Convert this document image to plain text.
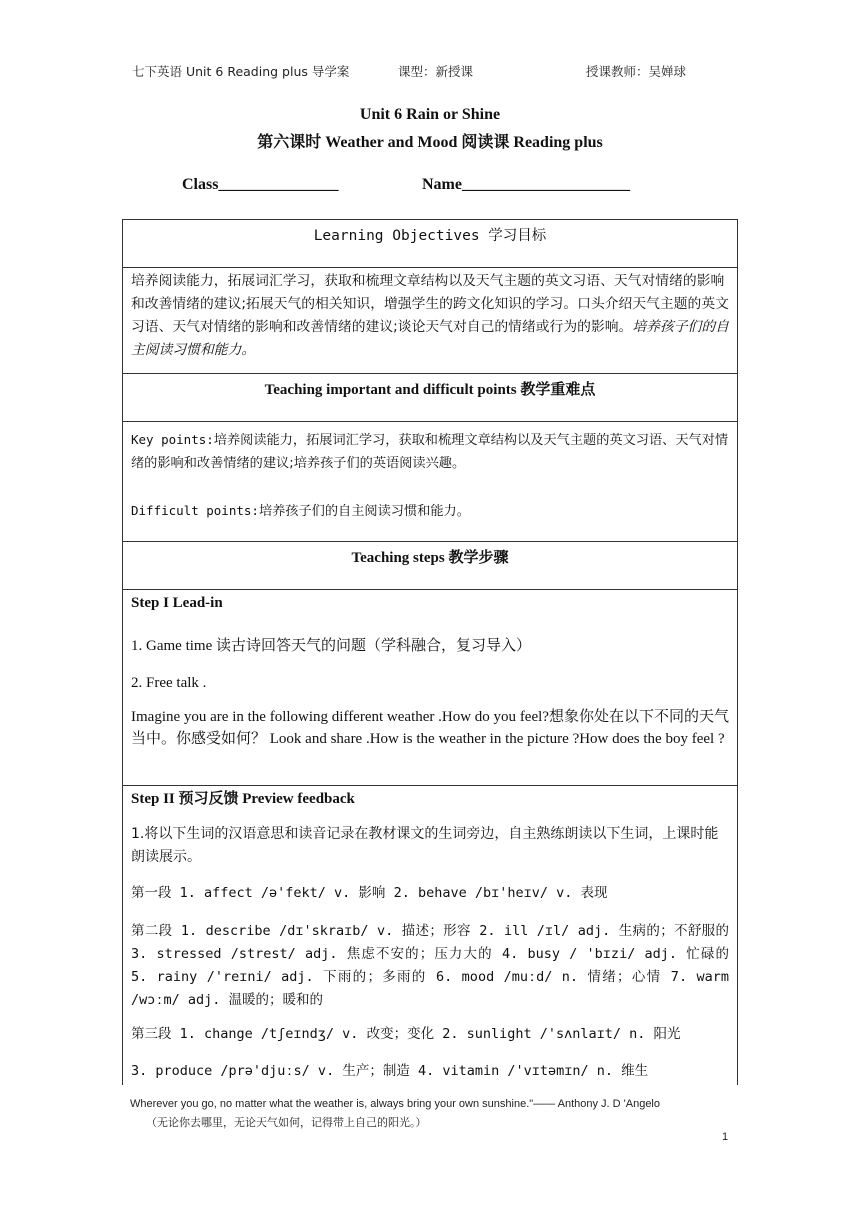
七下英语 Unit 6 Reading plus 导学案	课型：新授课	授课教师：吴婵球
Unit 6 Rain or Shine
第六课时 Weather and Mood 阅读课 Reading plus
Class_______________	Name_____________________
Learning Objectives 学习目标
培养阅读能力，拓展词汇学习，获取和梳理文章结构以及天气主题的英文习语、天气对情绪的影响和改善情绪的建议;拓展天气的相关知识，增强学生的跨文化知识的学习。口头介绍天气主题的英文习语、天气对情绪的影响和改善情绪的建议;谈论天气对自己的情绪或行为的影响。培养孩子们的自主阅读习惯和能力。
Teaching important and difficult points 教学重难点
Key points:培养阅读能力，拓展词汇学习，获取和梳理文章结构以及天气主题的英文习语、天气对情绪的影响和改善情绪的建议;培养孩子们的英语阅读兴趣。
Difficult points:培养孩子们的自主阅读习惯和能力。
Teaching steps 教学步骤
Step I Lead-in
1. Game time 读古诗回答天气的问题（学科融合，复习导入）
2. Free talk .
Imagine you are in the following different weather .How do you feel?想象你处在以下不同的天气当中。你感受如何？ Look and share .How is the weather in the picture ?How does the boy feel ?
Step II 预习反馈 Preview feedback
1.将以下生词的汉语意思和读音记录在教材课文的生词旁边，自主熟练朗读以下生词，上课时能朗读展示。
第一段 1. affect /ə'fekt/ v. 影响 2. behave /bɪ'heɪv/ v. 表现
第二段 1. describe /dɪ'skraɪb/ v. 描述；形容 2. ill /ɪl/ adj. 生病的；不舒服的 3. stressed /strest/ adj. 焦虑不安的；压力大的 4. busy / 'bɪzi/ adj. 忙碌的 5. rainy /'reɪni/ adj. 下雨的；多雨的 6. mood /muːd/ n. 情绪；心情 7. warm /wɔːm/ adj. 温暖的；暖和的
第三段 1. change /tʃeɪndʒ/ v. 改变；变化 2. sunlight /'sʌnlaɪt/ n. 阳光
3. produce /prə'djuːs/ v. 生产；制造 4. vitamin /'vɪtəmɪn/ n. 维生
Wherever you go, no matter what the weather is, always bring your own sunshine."—— Anthony J. D 'Angelo
（无论你去哪里，无论天气如何，记得带上自己的阳光。）
1
